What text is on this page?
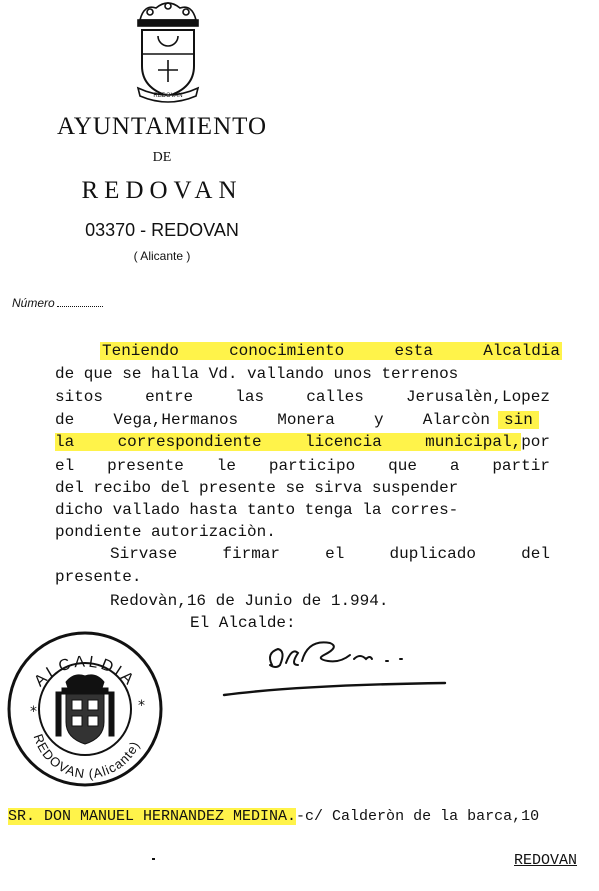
REDOVAN
AYUNTAMIENTO
DE
REDOVAN
03370 - REDOVAN
( Alicante )
Número
Teniendo	conocimiento	esta	Alcaldia
de que se halla Vd. vallando unos terrenos
sitos	entre	las	calles	Jerusalèn,Lopez
de Vega,Hermanos Monera y Alarcòn sin
la	correspondiente	licencia	municipal, por
el presente le participo que a partir
del recibo del presente se sirva suspender
dicho vallado hasta tanto tenga la corres-
pondiente autorizaciòn.
Sirvase	firmar	el	duplicado	del
presente.
Redovàn,16 de Junio de 1.994.
El Alcalde:
ALCALDIA
REDOVAN (Alicante)
*	*
SR. DON MANUEL HERNANDEZ MEDINA.-c/ Calderòn de la barca,10
REDOVAN
